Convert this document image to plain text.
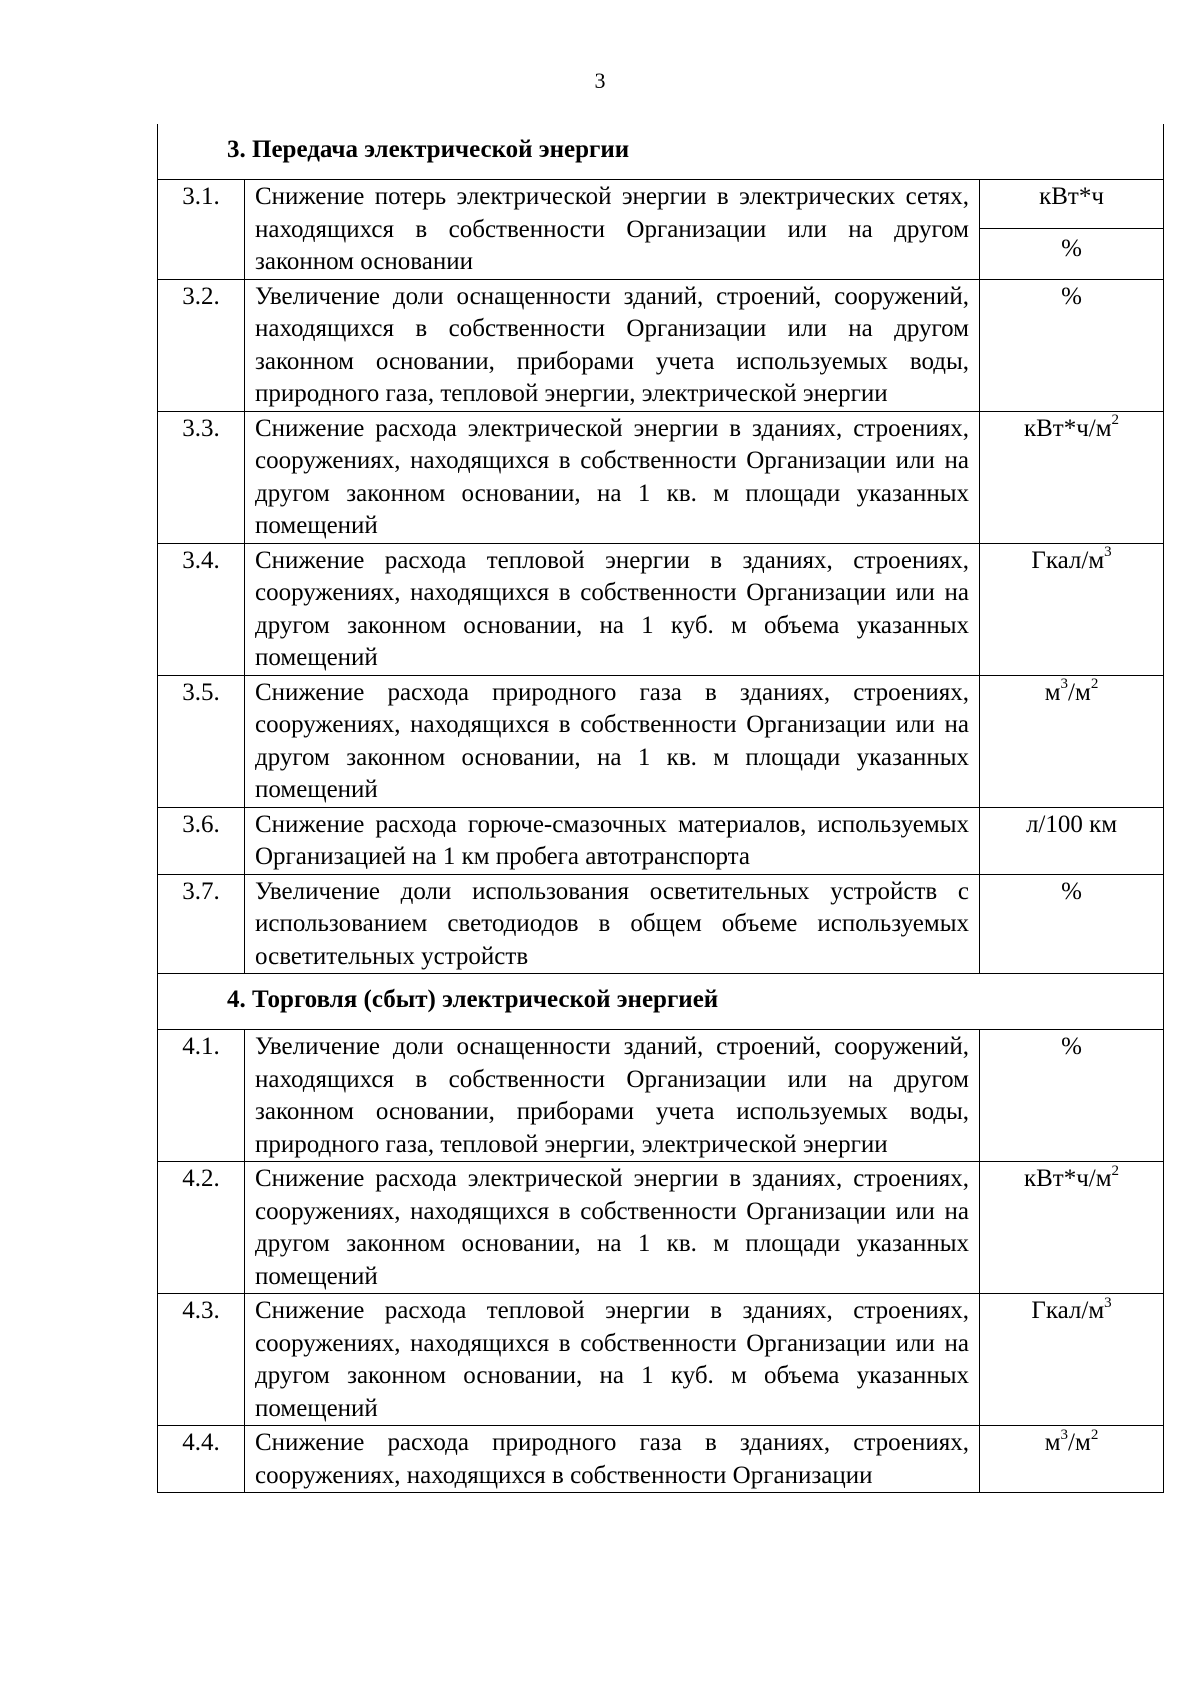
3
3. Передача электрической энергии		
3.1.	Снижение потерь электрической энергии в электрических сетях, находящихся в собственности Организации или на другом законном основании	кВт*ч
%

3.2.	Увеличение доли оснащенности зданий, строений, сооружений, находящихся в собственности Организации или на другом законном основании, приборами учета используемых воды, природного газа, тепловой энергии, электрической энергии	%
3.3.	Снижение расхода электрической энергии в зданиях, строениях, сооружениях, находящихся в собственности Организации или на другом законном основании, на 1 кв. м площади указанных помещений	$кВт*ч/м^2$
3.4.	Снижение расхода тепловой энергии в зданиях, строениях, сооружениях, находящихся в собственности Организации или на другом законном основании, на 1 куб. м объема указанных помещений	Гкал/$м^3$
3.5.	Снижение расхода природного газа в зданиях, строениях, сооружениях, находящихся в собственности Организации или на другом законном основании, на 1 кв. м площади указанных помещений	$м^3/м^2$
3.6.	Снижение расхода горюче-смазочных материалов, используемых Организацией на 1 км пробега автотранспорта	л/100 км
3.7.	Увеличение доли использования осветительных устройств с использованием светодиодов в общем объеме используемых осветительных устройств	%
4. Торговля (сбыт) электрической энергией		
4.1.	Увеличение доли оснащенности зданий, строений, сооружений, находящихся в собственности Организации или на другом законном основании, приборами учета используемых воды, природного газа, тепловой энергии, электрической энергии	%
4.2.	Снижение расхода электрической энергии в зданиях, строениях, сооружениях, находящихся в собственности Организации или на другом законном основании, на 1 кв. м площади указанных помещений	$кВт*ч/м^2$
4.3.	Снижение расхода тепловой энергии в зданиях, строениях, сооружениях, находящихся в собственности Организации или на другом законном основании, на 1 куб. м объема указанных помещений	Гкал/$м^3$
4.4.	Снижение расхода природного газа в зданиях, строениях, сооружениях, находящихся в собственности Организации	$м^3/м^2$
